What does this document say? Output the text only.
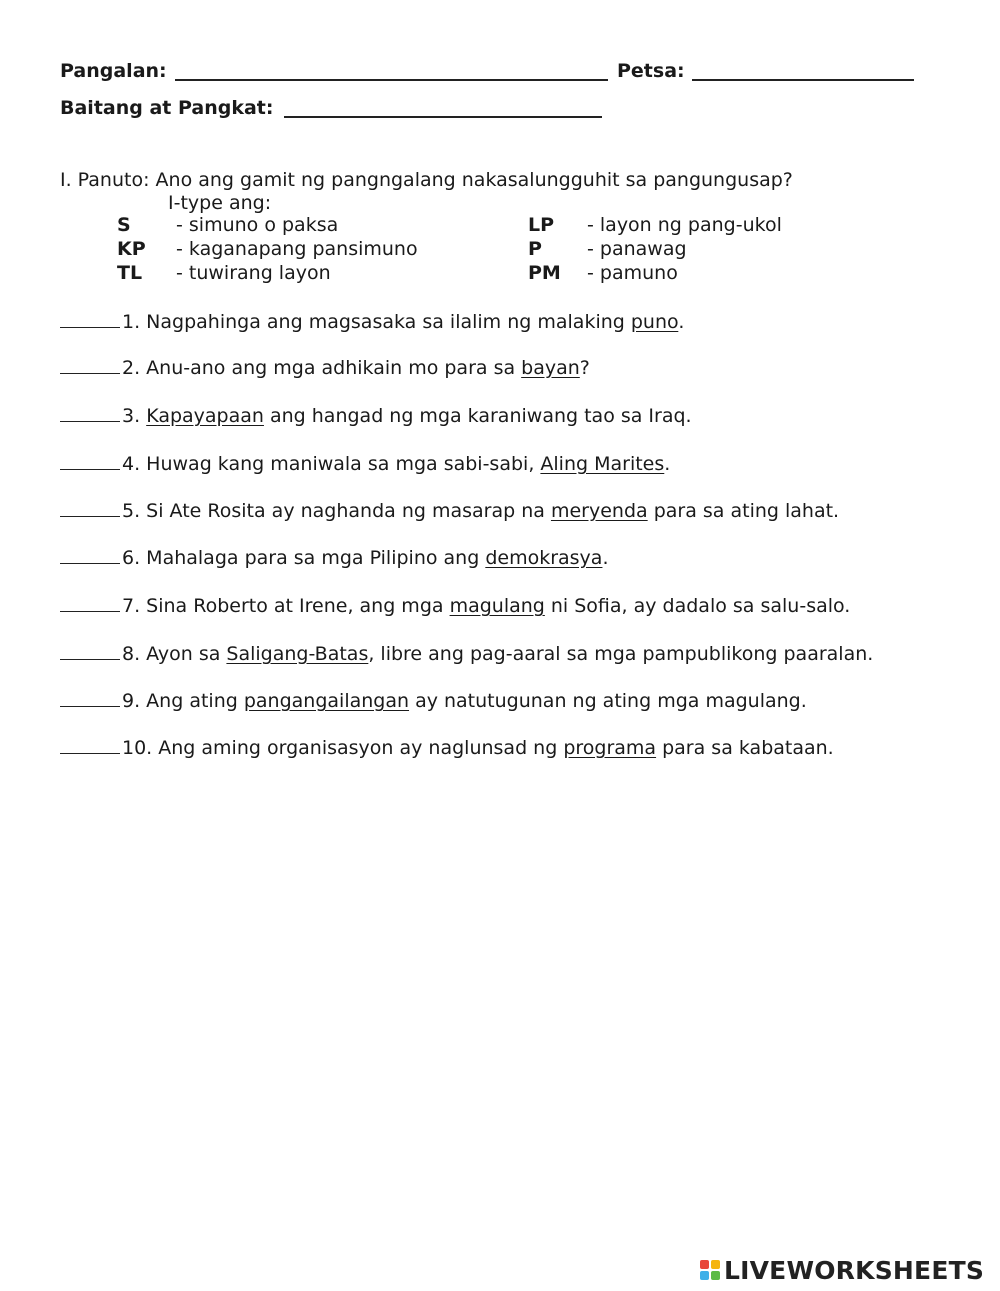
Pangalan:	Petsa:
Baitang at Pangkat:
I. Panuto: Ano ang gamit ng pangngalang nakasalungguhit sa pangungusap?
I-type ang:
S - simuno o paksa
KP - kaganapang pansimuno
TL - tuwirang layon
LP - layon ng pang-ukol
P - panawag
PM - pamuno
1. Nagpahinga ang magsasaka sa ilalim ng malaking puno.
2. Anu-ano ang mga adhikain mo para sa bayan?
3. Kapayapaan ang hangad ng mga karaniwang tao sa Iraq.
4. Huwag kang maniwala sa mga sabi-sabi, Aling Marites.
5. Si Ate Rosita ay naghanda ng masarap na meryenda para sa ating lahat.
6. Mahalaga para sa mga Pilipino ang demokrasya.
7. Sina Roberto at Irene, ang mga magulang ni Sofia, ay dadalo sa salu-salo.
8. Ayon sa Saligang-Batas, libre ang pag-aaral sa mga pampublikong paaralan.
9. Ang ating pangangailangan ay natutugunan ng ating mga magulang.
10. Ang aming organisasyon ay naglunsad ng programa para sa kabataan.
LIVEWORKSHEETS
